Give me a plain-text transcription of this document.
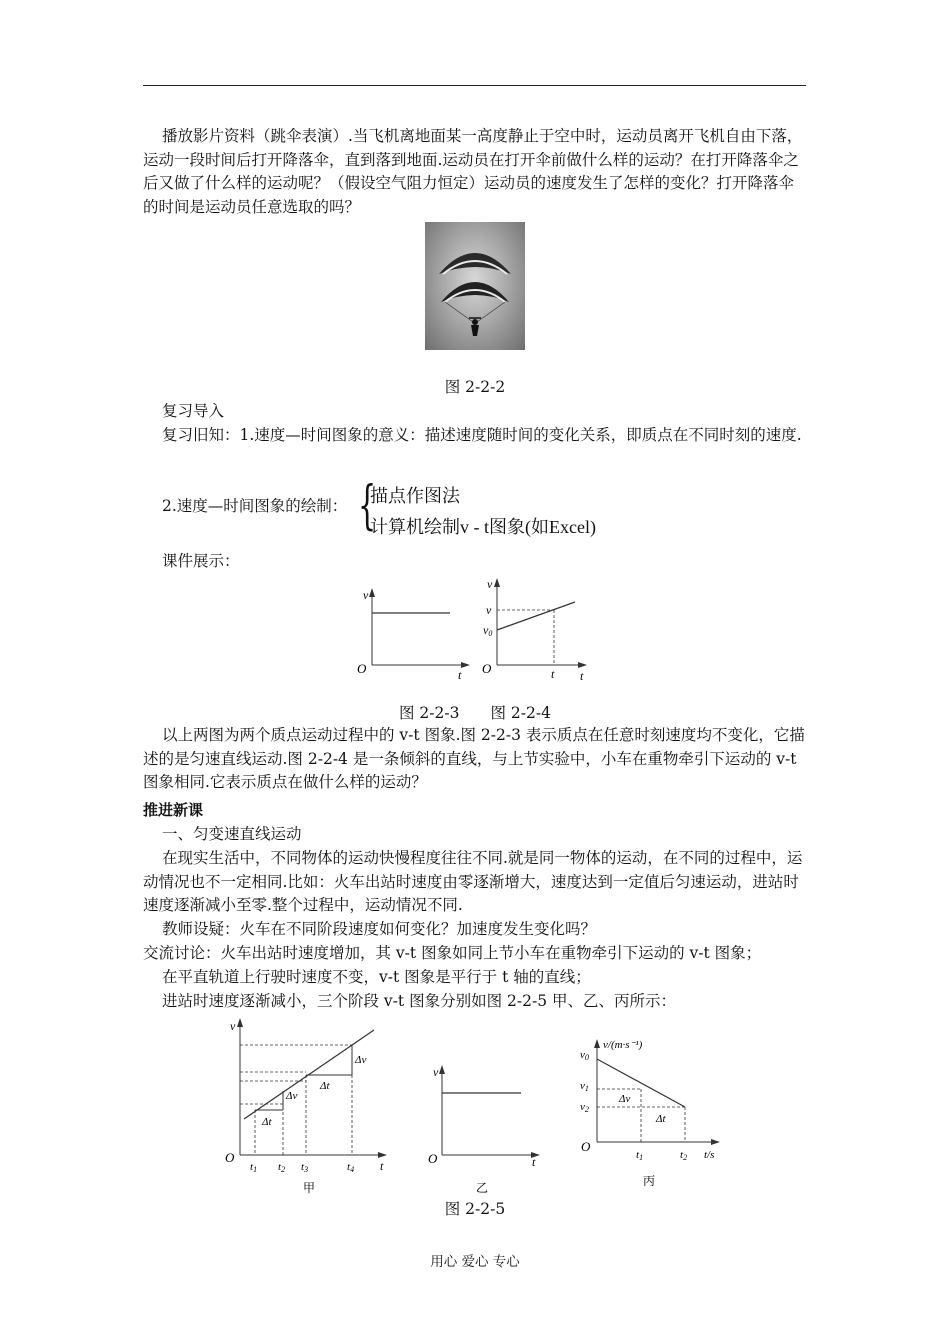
播放影片资料（跳伞表演）.当飞机离地面某一高度静止于空中时，运动员离开飞机自由下落，运动一段时间后打开降落伞，直到落到地面.运动员在打开伞前做什么样的运动？在打开降落伞之后又做了什么样的运动呢？（假设空气阻力恒定）运动员的速度发生了怎样的变化？打开降落伞的时间是运动员任意选取的吗？

图 2-2-2

复习导入

复习旧知：1.速度—时间图象的意义：描述速度随时间的变化关系，即质点在不同时刻的速度.

2.速度—时间图象的绘制： {
描点作图法
计算机绘制v - t图象(如Excel)

课件展示：

O
v
t O
v
v
v0
t t
图 2-2-3　　图 2-2-4

以上两图为两个质点运动过程中的 v-t 图象.图 2-2-3 表示质点在任意时刻速度均不变化，它描述的是匀速直线运动.图 2-2-4 是一条倾斜的直线，与上节实验中，小车在重物牵引下运动的 v-t 图象相同.它表示质点在做什么样的运动？

推进新课

一、匀变速直线运动

在现实生活中，不同物体的运动快慢程度往往不同.就是同一物体的运动，在不同的过程中，运动情况也不一定相同.比如：火车出站时速度由零逐渐增大，速度达到一定值后匀速运动，进站时速度逐渐减小至零.整个过程中，运动情况不同.

教师设疑：火车在不同阶段速度如何变化？加速度发生变化吗？

交流讨论：火车出站时速度增加，其 v-t 图象如同上节小车在重物牵引下运动的 v-t 图象；

在平直轨道上行驶时速度不变，v-t 图象是平行于 t 轴的直线；

进站时速度逐渐减小，三个阶段 v-t 图象分别如图 2-2-5 甲、乙、丙所示：

Δt
Δv
Δt
Δv
O
v
t
t1 t2 t3	t4
甲
O
v
t
乙
Δv
Δt
v/(m·s⁻¹)
v0
v1
v2
O
t1	t2 t/s
丙
图 2-2-5
用心 爱心 专心
